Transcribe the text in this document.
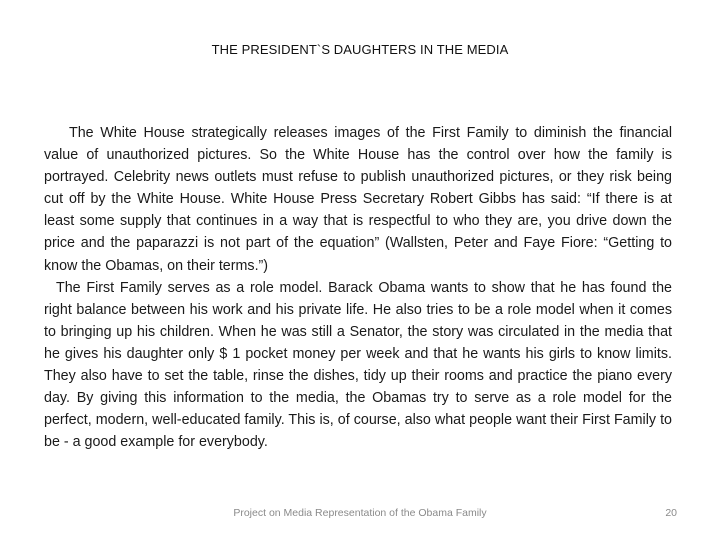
THE PRESIDENT`S DAUGHTERS IN THE MEDIA

The White House strategically releases images of the First Family to diminish the financial value of unauthorized pictures. So the White House has the control over how the family is portrayed. Celebrity news outlets must refuse to publish unauthorized pictures, or they risk being cut off by the White House. White House Press Secretary Robert Gibbs has said: “If there is at least some supply that continues in a way that is respectful to who they are, you drive down the price and the paparazzi is not part of the equation” (Wallsten, Peter and Faye Fiore: “Getting to know the Obamas, on their terms.”)

The First Family serves as a role model. Barack Obama wants to show that he has found the right balance between his work and his private life. He also tries to be a role model when it comes to bringing up his children. When he was still a Senator, the story was circulated in the media that he gives his daughter only $ 1 pocket money per week and that he wants his girls to know limits. They also have to set the table, rinse the dishes, tidy up their rooms and practice the piano every day. By giving this information to the media, the Obamas try to serve as a role model for the perfect, modern, well-educated family. This is, of course, also what people want their First Family to be - a good example for everybody.

Project on Media Representation of the Obama Family	20
